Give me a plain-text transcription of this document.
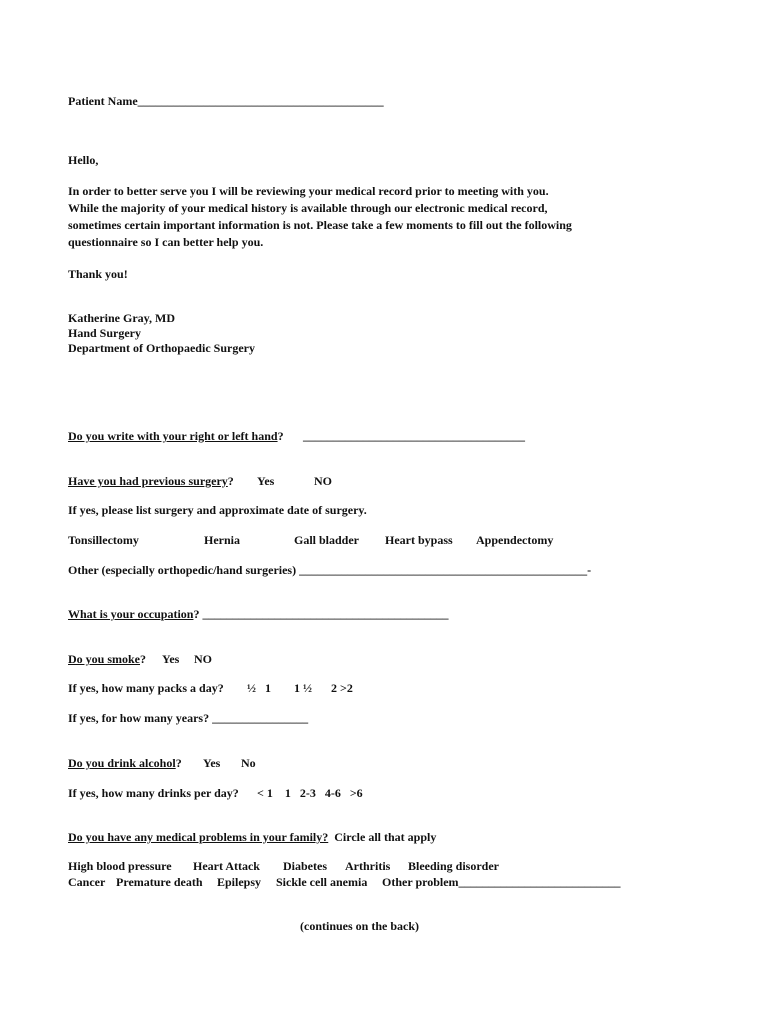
Patient Name_________________________________________
Hello,
In order to better serve you I will be reviewing your medical record prior to meeting with you.
While the majority of your medical history is available through our electronic medical record,
sometimes certain important information is not. Please take a few moments to fill out the following
questionnaire so I can better help you.
Thank you!
Katherine Gray, MD
Hand Surgery
Department of Orthopaedic Surgery
Do you write with your right or left hand? _____________________________________
Have you had previous surgery? Yes	NO
If yes, please list surgery and approximate date of surgery.
Tonsillectomy	Hernia	Gall bladder Heart bypass Appendectomy
Other (especially orthopedic/hand surgeries) ________________________________________________-
What is your occupation? _________________________________________
Do you smoke? Yes NO
If yes, how many packs a day? ½ 1 1 ½ 2 >2
If yes, for how many years? ________________
Do you drink alcohol? Yes No
If yes, how many drinks per day? < 1    1   2-3   4-6   >6
Do you have any medical problems in your family?  Circle all that apply
High blood pressure Heart Attack Diabetes Arthritis Bleeding disorder
Cancer Premature death Epilepsy Sickle cell anemia Other problem___________________________
(continues on the back)
